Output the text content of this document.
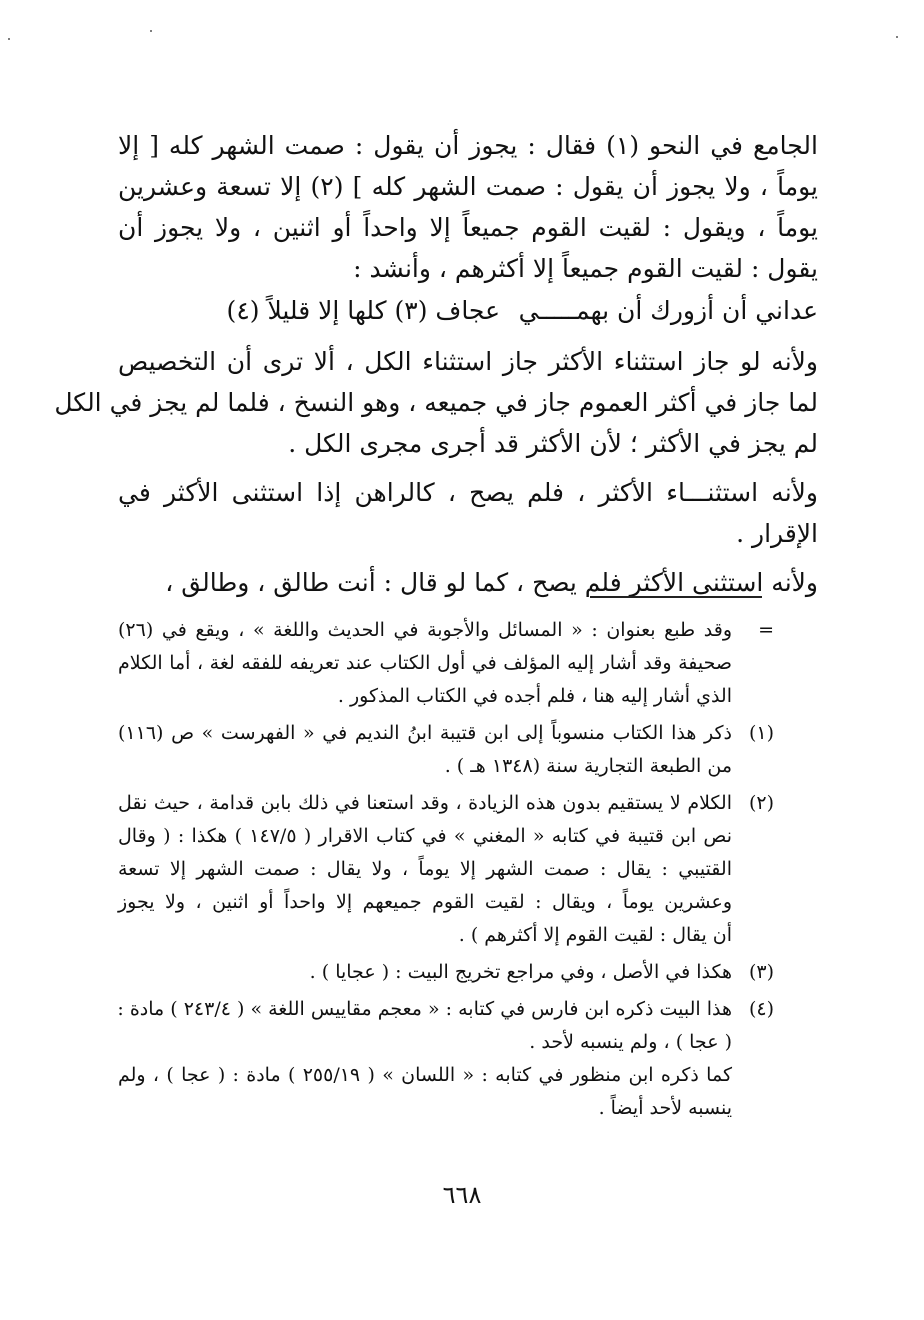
الجامع في النحو (١) فقال : يجوز أن يقول : صمت الشهر كله [ إلا
يوماً ، ولا يجوز أن يقول : صمت الشهر كله ] (٢) إلا تسعة وعشرين
يوماً ، ويقول : لقيت القوم جميعاً إلا واحداً أو اثنين ، ولا يجوز أن
يقول : لقيت القوم جميعاً إلا أكثرهم ، وأنشد :
عداني أن أزورك أن بهمـــــي
عجاف (٣) كلها إلا قليلاً (٤)
ولأنه لو جاز استثناء الأكثر جاز استثناء الكل ، ألا ترى أن التخصيص
لما جاز في أكثر العموم جاز في جميعه ، وهو النسخ ، فلما لم يجز في الكل
لم يجز في الأكثر ؛ لأن الأكثر قد أجرى مجرى الكل .
ولأنه استثنـــاء الأكثر ، فلم يصح ، كالراهن إذا استثنى الأكثر في
الإقرار .
ولأنه استثنى الأكثر فلم يصح ، كما لو قال : أنت طالق ، وطالق ،
=
وقد طبع بعنوان : « المسائل والأجوبة في الحديث واللغة » ، ويقع في (٢٦)
صحيفة وقد أشار إليه المؤلف في أول الكتاب عند تعريفه للفقه لغة ، أما الكلام
الذي أشار إليه هنا ، فلم أجده في الكتاب المذكور .
(١)
ذكر هذا الكتاب منسوباً إلى ابن قتيبة ابنُ النديم في « الفهرست » ص (١١٦)
من الطبعة التجارية سنة (١٣٤٨ هـ ) .
(٢)
الكلام لا يستقيم بدون هذه الزيادة ، وقد استعنا في ذلك بابن قدامة ، حيث نقل
نص ابن قتيبة في كتابه « المغني » في كتاب الاقرار ( ١٤٧/٥ ) هكذا : ( وقال
القتيبي : يقال : صمت الشهر إلا يوماً ، ولا يقال : صمت الشهر إلا تسعة
وعشرين يوماً ، ويقال : لقيت القوم جميعهم إلا واحداً أو اثنين ، ولا يجوز
أن يقال : لقيت القوم إلا أكثرهم ) .
(٣)
هكذا في الأصل ، وفي مراجع تخريج البيت : ( عجايا ) .
(٤)
هذا البيت ذكره ابن فارس في كتابه : « معجم مقاييس اللغة » ( ٢٤٣/٤ ) مادة :
( عجا ) ، ولم ينسبه لأحد .
كما ذكره ابن منظور في كتابه : « اللسان » ( ٢٥٥/١٩ ) مادة : ( عجا ) ، ولم
ينسبه لأحد أيضاً .
٦٦٨
